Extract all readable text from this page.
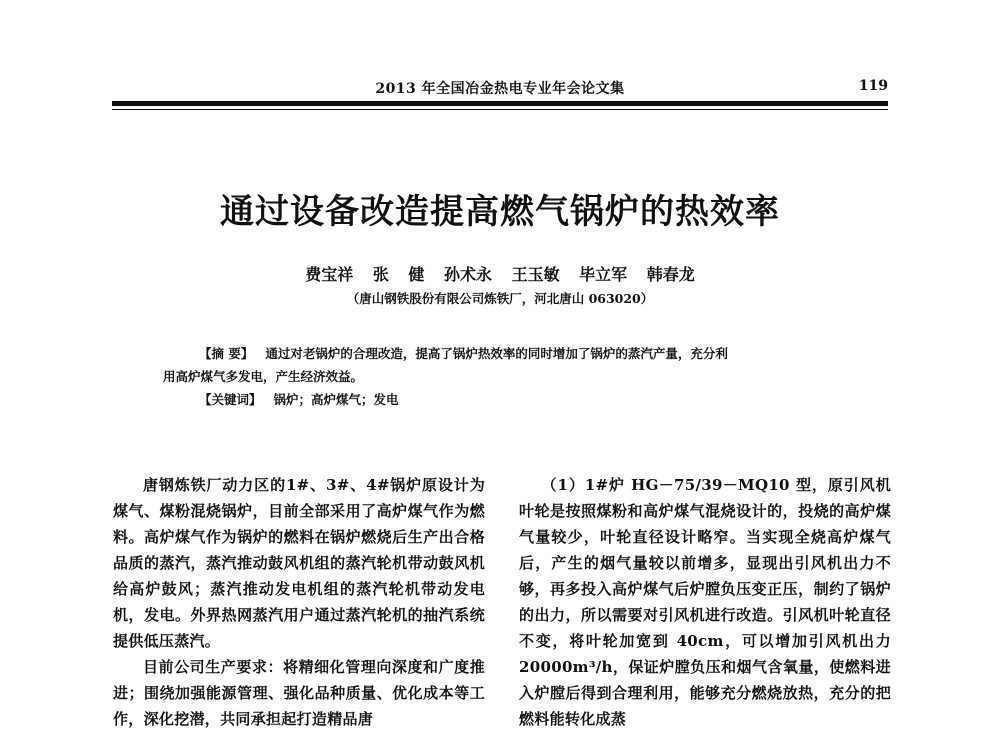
2013 年全国冶金热电专业年会论文集	119
通过设备改造提高燃气锅炉的热效率
费宝祥 张 健 孙术永 王玉敏 毕立军 韩春龙
（唐山钢铁股份有限公司炼铁厂，河北唐山 063020）
【摘 要】 通过对老锅炉的合理改造，提高了锅炉热效率的同时增加了锅炉的蒸汽产量，充分利
用高炉煤气多发电，产生经济效益。
【关键词】 锅炉；高炉煤气；发电

唐钢炼铁厂动力区的1#、3#、4#锅炉原设计为煤气、煤粉混烧锅炉，目前全部采用了高炉煤气作为燃料。高炉煤气作为锅炉的燃料在锅炉燃烧后生产出合格品质的蒸汽，蒸汽推动鼓风机组的蒸汽轮机带动鼓风机给高炉鼓风；蒸汽推动发电机组的蒸汽轮机带动发电机，发电。外界热网蒸汽用户通过蒸汽轮机的抽汽系统提供低压蒸汽。

目前公司生产要求：将精细化管理向深度和广度推进；围绕加强能源管理、强化品种质量、优化成本等工作，深化挖潜，共同承担起打造精品唐

（1）1#炉 HG－75/39－MQ10 型，原引风机叶轮是按照煤粉和高炉煤气混烧设计的，投烧的高炉煤气量较少，叶轮直径设计略窄。当实现全烧高炉煤气后，产生的烟气量较以前增多，显现出引风机出力不够，再多投入高炉煤气后炉膛负压变正压，制约了锅炉的出力，所以需要对引风机进行改造。引风机叶轮直径不变，将叶轮加宽到 40cm，可以增加引风机出力 20000m³/h，保证炉膛负压和烟气含氧量，使燃料进入炉膛后得到合理利用，能够充分燃烧放热，充分的把燃料能转化成蒸
